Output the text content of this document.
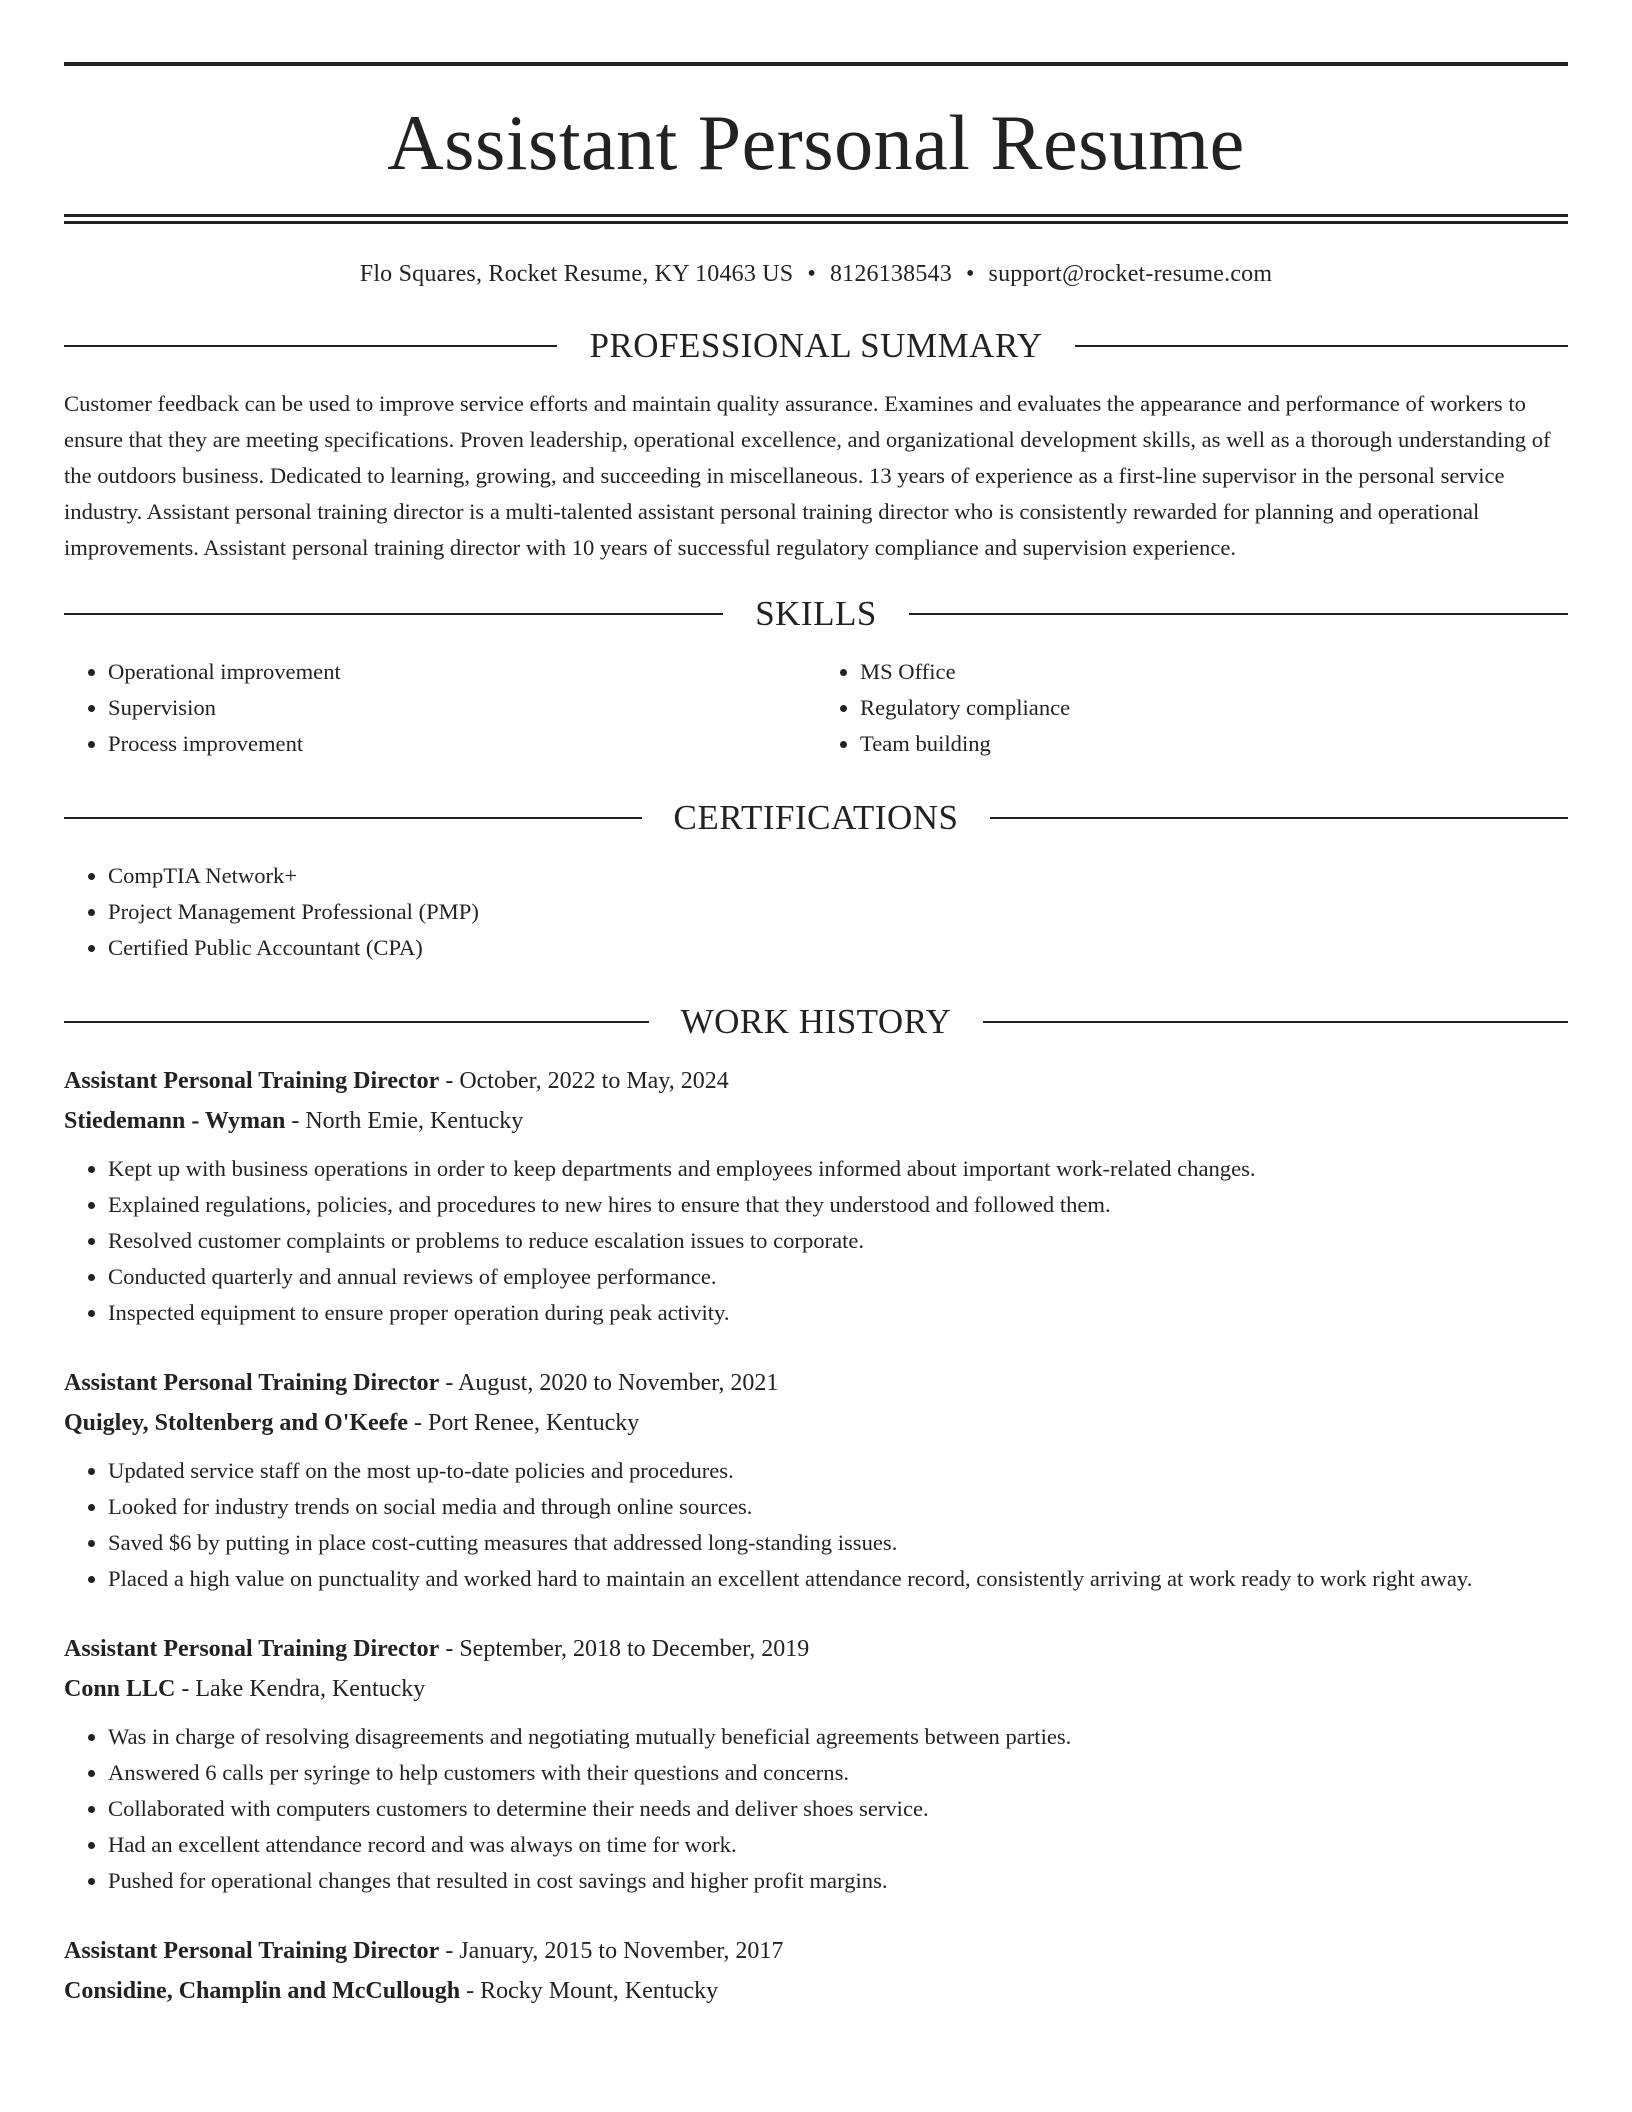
Assistant Personal Resume
Flo Squares, Rocket Resume, KY 10463 US • 8126138543 • support@rocket-resume.com
PROFESSIONAL SUMMARY

Customer feedback can be used to improve service efforts and maintain quality assurance. Examines and evaluates the appearance and performance of workers to ensure that they are meeting specifications. Proven leadership, operational excellence, and organizational development skills, as well as a thorough understanding of the outdoors business. Dedicated to learning, growing, and succeeding in miscellaneous. 13 years of experience as a first-line supervisor in the personal service industry. Assistant personal training director is a multi-talented assistant personal training director who is consistently rewarded for planning and operational improvements. Assistant personal training director with 10 years of successful regulatory compliance and supervision experience.

SKILLS
• Operational improvement
• Supervision
• Process improvement
• MS Office
• Regulatory compliance
• Team building
CERTIFICATIONS
• CompTIA Network+
• Project Management Professional (PMP)
• Certified Public Accountant (CPA)
WORK HISTORY
Assistant Personal Training Director - October, 2022 to May, 2024
Stiedemann - Wyman - North Emie, Kentucky
• Kept up with business operations in order to keep departments and employees informed about important work-related changes.
• Explained regulations, policies, and procedures to new hires to ensure that they understood and followed them.
• Resolved customer complaints or problems to reduce escalation issues to corporate.
• Conducted quarterly and annual reviews of employee performance.
• Inspected equipment to ensure proper operation during peak activity.
Assistant Personal Training Director - August, 2020 to November, 2021
Quigley, Stoltenberg and O'Keefe - Port Renee, Kentucky
• Updated service staff on the most up-to-date policies and procedures.
• Looked for industry trends on social media and through online sources.
• Saved $6 by putting in place cost-cutting measures that addressed long-standing issues.
• Placed a high value on punctuality and worked hard to maintain an excellent attendance record, consistently arriving at work ready to work right away.
Assistant Personal Training Director - September, 2018 to December, 2019
Conn LLC - Lake Kendra, Kentucky
• Was in charge of resolving disagreements and negotiating mutually beneficial agreements between parties.
• Answered 6 calls per syringe to help customers with their questions and concerns.
• Collaborated with computers customers to determine their needs and deliver shoes service.
• Had an excellent attendance record and was always on time for work.
• Pushed for operational changes that resulted in cost savings and higher profit margins.
Assistant Personal Training Director - January, 2015 to November, 2017
Considine, Champlin and McCullough - Rocky Mount, Kentucky
